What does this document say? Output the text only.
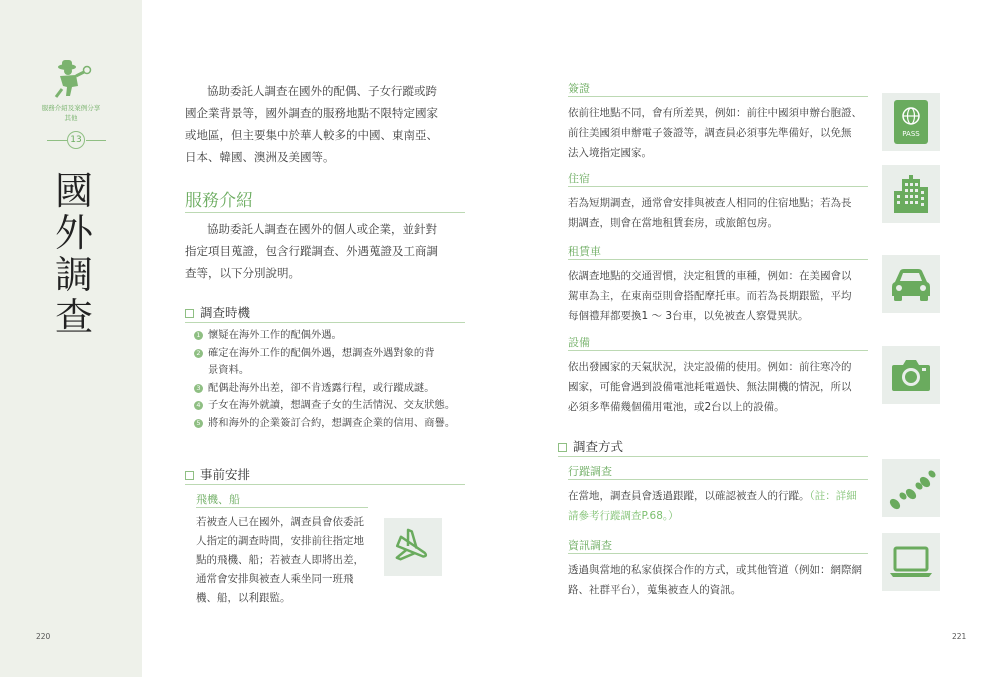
服務介紹及案例分享
其他
13
國
外
調
查
220

協助委託人調查在國外的配偶、子女行蹤或跨

國企業背景等，國外調查的服務地點不限特定國家

或地區，但主要集中於華人較多的中國、東南亞、

日本、韓國、澳洲及美國等。

服務介紹

協助委託人調查在國外的個人或企業，並針對

指定項目蒐證，包含行蹤調查、外遇蒐證及工商調

查等，以下分別說明。

調查時機
1 懷疑在海外工作的配偶外遇。
2 確定在海外工作的配偶外遇，想調查外遇對象的背
景資料。
3 配偶赴海外出差，卻不肯透露行程，或行蹤成謎。
4 子女在海外就讀，想調查子女的生活情況、交友狀態。
5 將和海外的企業簽訂合約，想調查企業的信用、商譽。
事前安排
飛機、船
若被查人已在國外，調查員會依委託
人指定的調查時間，安排前往指定地
點的飛機、船；若被查人即將出差，
通常會安排與被查人乘坐同一班飛
機、船，以利跟監。
簽證
依前往地點不同，會有所差異，例如：前往中國須申辦台胞證、
前往美國須申辦電子簽證等，調查員必須事先準備好，以免無
法入境指定國家。
PASS
住宿
若為短期調查，通常會安排與被查人相同的住宿地點；若為長
期調查，則會在當地租賃套房，或旅館包房。
租賃車
依調查地點的交通習慣，決定租賃的車種，例如：在美國會以
駕車為主，在東南亞則會搭配摩托車。而若為長期跟監，平均
每個禮拜都要換1 ～ 3台車，以免被查人察覺異狀。
設備
依出發國家的天氣狀況，決定設備的使用。例如：前往寒冷的
國家，可能會遇到設備電池耗電過快、無法開機的情況，所以
必須多準備幾個備用電池，或2台以上的設備。
調查方式
行蹤調查
在當地，調查員會透過跟蹤，以確認被查人的行蹤。（註：詳細
請參考行蹤調查P.68。）
資訊調查
透過與當地的私家偵探合作的方式，或其他管道（例如：網際網
路、社群平台），蒐集被查人的資訊。
221
